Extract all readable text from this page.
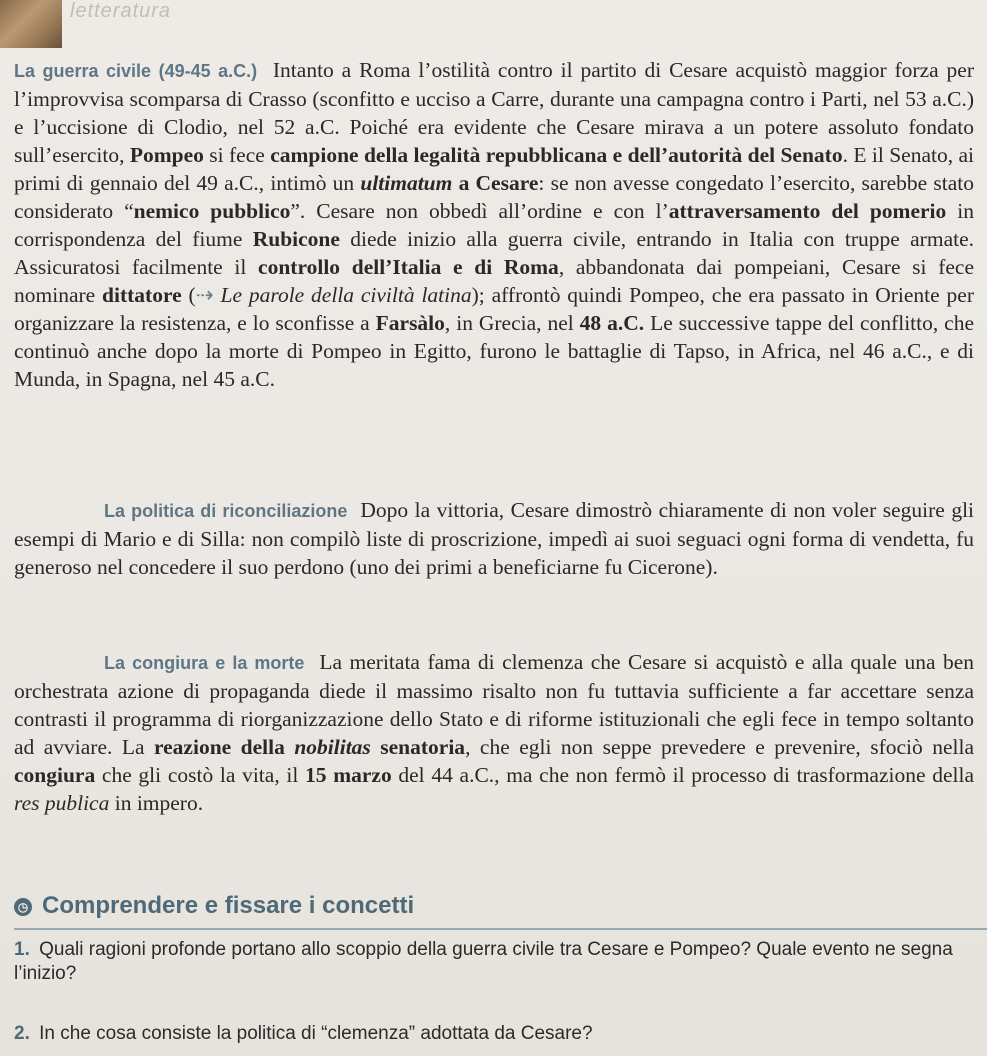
letteratura
La guerra civile (49-45 a.C.) Intanto a Roma l’ostilità contro il partito di Cesare acquistò maggior forza per l’improvvisa scomparsa di Crasso (sconfitto e ucciso a Carre, durante una campagna contro i Parti, nel 53 a.C.) e l’uccisione di Clodio, nel 52 a.C. Poiché era evidente che Cesare mirava a un potere assoluto fondato sull’esercito, Pompeo si fece campione della legalità repubblicana e dell’autorità del Senato. E il Senato, ai primi di gennaio del 49 a.C., intimò un ultimatum a Cesare: se non avesse congedato l’esercito, sarebbe stato considerato “nemico pubblico”. Cesare non obbedì all’ordine e con l’attraversamento del pomerio in corrispondenza del fiume Rubicone diede inizio alla guerra civile, entrando in Italia con truppe armate. Assicuratosi facilmente il controllo dell’Italia e di Roma, abbandonata dai pompeiani, Cesare si fece nominare dittatore (⇢ Le parole della civiltà latina); affrontò quindi Pompeo, che era passato in Oriente per organizzare la resistenza, e lo sconfisse a Farsàlo, in Grecia, nel 48 a.C. Le successive tappe del conflitto, che continuò anche dopo la morte di Pompeo in Egitto, furono le battaglie di Tapso, in Africa, nel 46 a.C., e di Munda, in Spagna, nel 45 a.C.
La politica di riconciliazione Dopo la vittoria, Cesare dimostrò chiaramente di non voler seguire gli esempi di Mario e di Silla: non compilò liste di proscrizione, impedì ai suoi seguaci ogni forma di vendetta, fu generoso nel concedere il suo perdono (uno dei primi a beneficiarne fu Cicerone).
La congiura e la morte La meritata fama di clemenza che Cesare si acquistò e alla quale una ben orchestrata azione di propaganda diede il massimo risalto non fu tuttavia sufficiente a far accettare senza contrasti il programma di riorganizzazione dello Stato e di riforme istituzionali che egli fece in tempo soltanto ad avviare. La reazione della nobilitas senatoria, che egli non seppe prevedere e prevenire, sfociò nella congiura che gli costò la vita, il 15 marzo del 44 a.C., ma che non fermò il processo di trasformazione della res publica in impero.
◷ Comprendere e fissare i concetti
1. Quali ragioni profonde portano allo scoppio della guerra civile tra Cesare e Pompeo? Quale evento ne segna l’inizio?
2. In che cosa consiste la politica di “clemenza” adottata da Cesare?
